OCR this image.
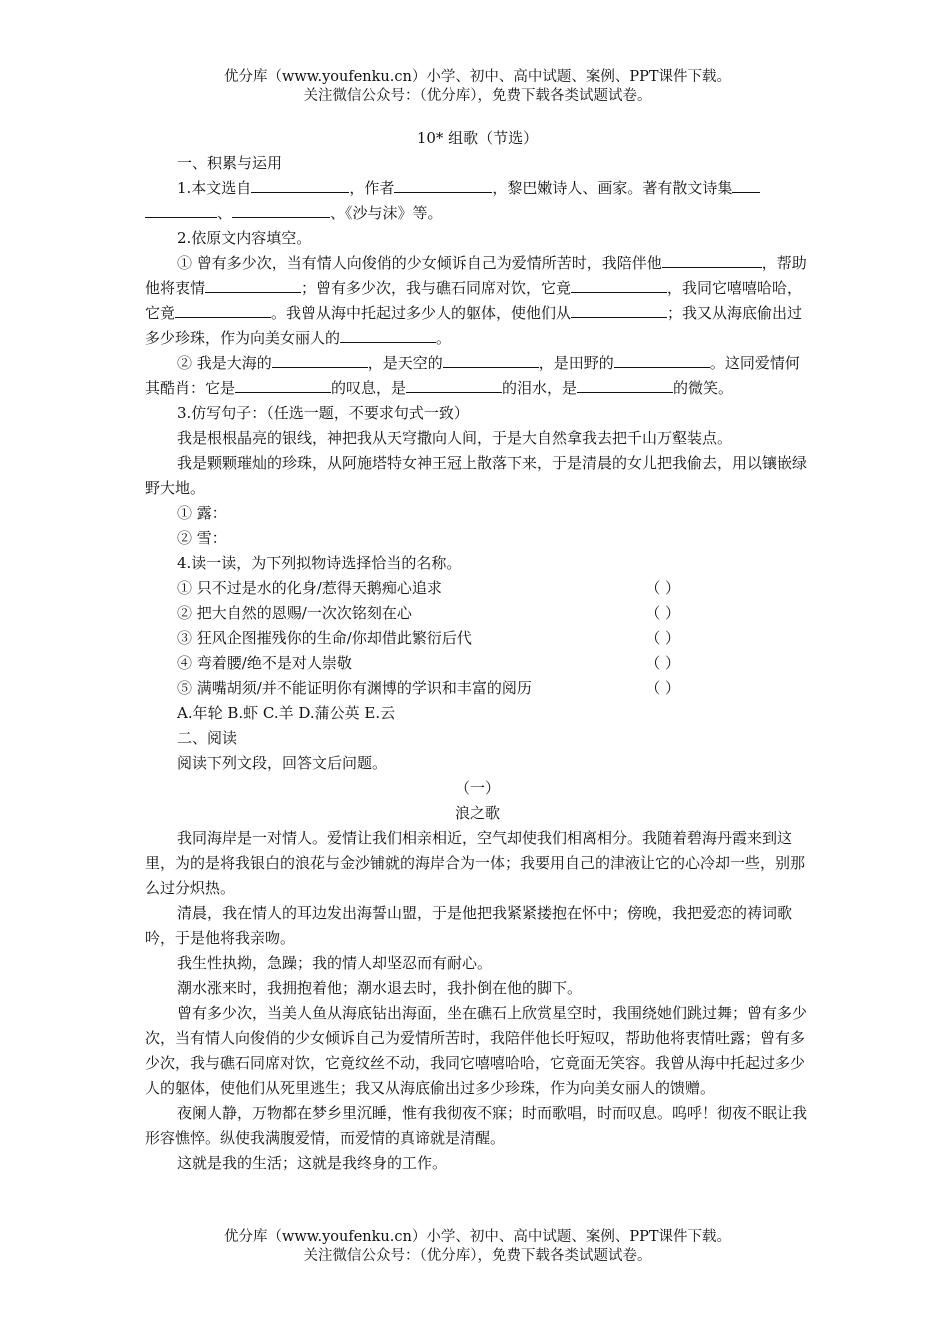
优分库（www.youfenku.cn）小学、初中、高中试题、案例、PPT课件下载。
关注微信公众号：（优分库），免费下载各类试题试卷。

10* 组歌（节选）

一、积累与运用

1.本文选自	，作者	，黎巴嫩诗人、画家。著有散文诗集、	、《沙与沫》等。

2.依原文内容填空。

① 曾有多少次，当有情人向俊俏的少女倾诉自己为爱情所苦时，我陪伴他	，帮助他将衷情	；曾有多少次，我与礁石同席对饮，它竟	，我同它嘻嘻哈哈，它竟	。我曾从海中托起过多少人的躯体，使他们从	；我又从海底偷出过多少珍珠，作为向美女丽人的	。

② 我是大海的	，是天空的	，是田野的	。这同爱情何其酷肖：它是	的叹息，是	的泪水，是	的微笑。

3.仿写句子：（任选一题，不要求句式一致）

我是根根晶亮的银线，神把我从天穹撒向人间，于是大自然拿我去把千山万壑装点。

我是颗颗璀灿的珍珠，从阿施塔特女神王冠上散落下来，于是清晨的女儿把我偷去，用以镶嵌绿野大地。

① 露：

② 雪：

4.读一读，为下列拟物诗选择恰当的名称。

① 只不过是水的化身/惹得天鹅痴心追求	（ ）

② 把大自然的恩赐/一次次铭刻在心	（ ）

③ 狂风企图摧残你的生命/你却借此繁衍后代	（ ）

④ 弯着腰/绝不是对人崇敬	（ ）

⑤ 满嘴胡须/并不能证明你有渊博的学识和丰富的阅历	（ ）

A.年轮 B.虾 C.羊 D.蒲公英 E.云

二、阅读

阅读下列文段，回答文后问题。

（一）

浪之歌

我同海岸是一对情人。爱情让我们相亲相近，空气却使我们相离相分。我随着碧海丹霞来到这里，为的是将我银白的浪花与金沙铺就的海岸合为一体；我要用自己的津液让它的心冷却一些，别那么过分炽热。

清晨，我在情人的耳边发出海誓山盟，于是他把我紧紧搂抱在怀中；傍晚，我把爱恋的祷词歌吟，于是他将我亲吻。

我生性执拗，急躁；我的情人却坚忍而有耐心。

潮水涨来时，我拥抱着他；潮水退去时，我扑倒在他的脚下。

曾有多少次，当美人鱼从海底钻出海面，坐在礁石上欣赏星空时，我围绕她们跳过舞；曾有多少次，当有情人向俊俏的少女倾诉自己为爱情所苦时，我陪伴他长吁短叹，帮助他将衷情吐露；曾有多少次，我与礁石同席对饮，它竟纹丝不动，我同它嘻嘻哈哈，它竟面无笑容。我曾从海中托起过多少人的躯体，使他们从死里逃生；我又从海底偷出过多少珍珠，作为向美女丽人的馈赠。

夜阑人静，万物都在梦乡里沉睡，惟有我彻夜不寐；时而歌唱，时而叹息。呜呼！彻夜不眠让我形容憔悴。纵使我满腹爱情，而爱情的真谛就是清醒。

这就是我的生活；这就是我终身的工作。

优分库（www.youfenku.cn）小学、初中、高中试题、案例、PPT课件下载。
关注微信公众号：（优分库），免费下载各类试题试卷。
